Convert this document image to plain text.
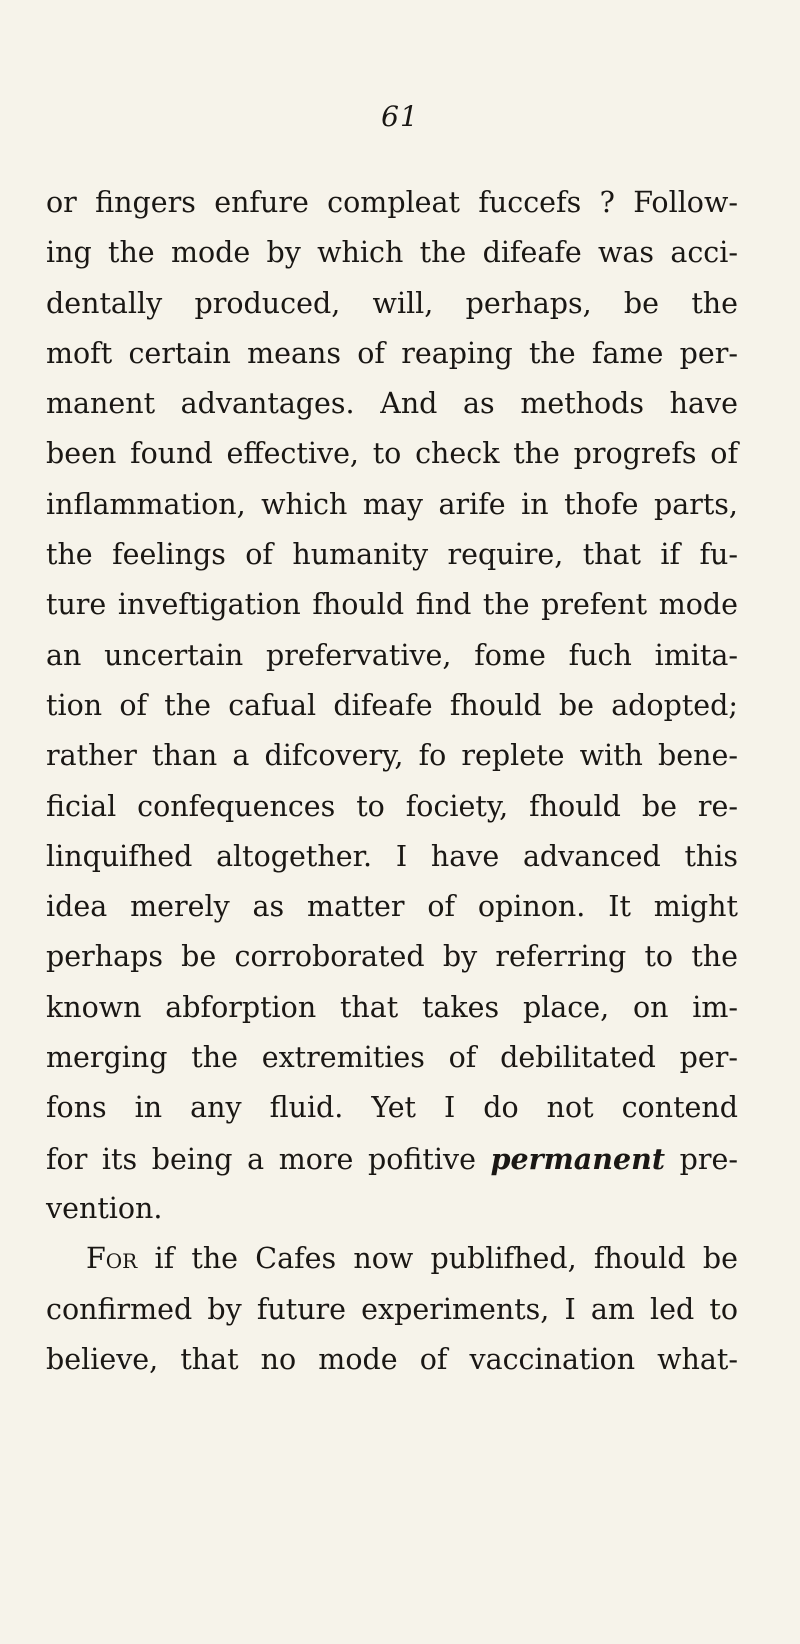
61
or fingers enfure compleat fuccefs ? Follow-
ing the mode by which the difeafe was acci-
dentally produced, will, perhaps, be the
moft certain means of reaping the fame per-
manent advantages. And as methods have
been found effective, to check the progrefs of
inflammation, which may arife in thofe parts,
the feelings of humanity require, that if fu-
ture inveftigation fhould find the prefent mode
an uncertain prefervative, fome fuch imita-
tion of the cafual difeafe fhould be adopted;
rather than a difcovery, fo replete with bene-
ficial confequences to fociety, fhould be re-
linquifhed altogether. I have advanced this
idea merely as matter of opinon. It might
perhaps be corroborated by referring to the
known abforption that takes place, on im-
merging the extremities of debilitated per-
fons in any fluid. Yet I do not contend
for its being a more pofitive permanent pre-
vention.
For if the Cafes now publifhed, fhould be
confirmed by future experiments, I am led to
believe, that no mode of vaccination what-
